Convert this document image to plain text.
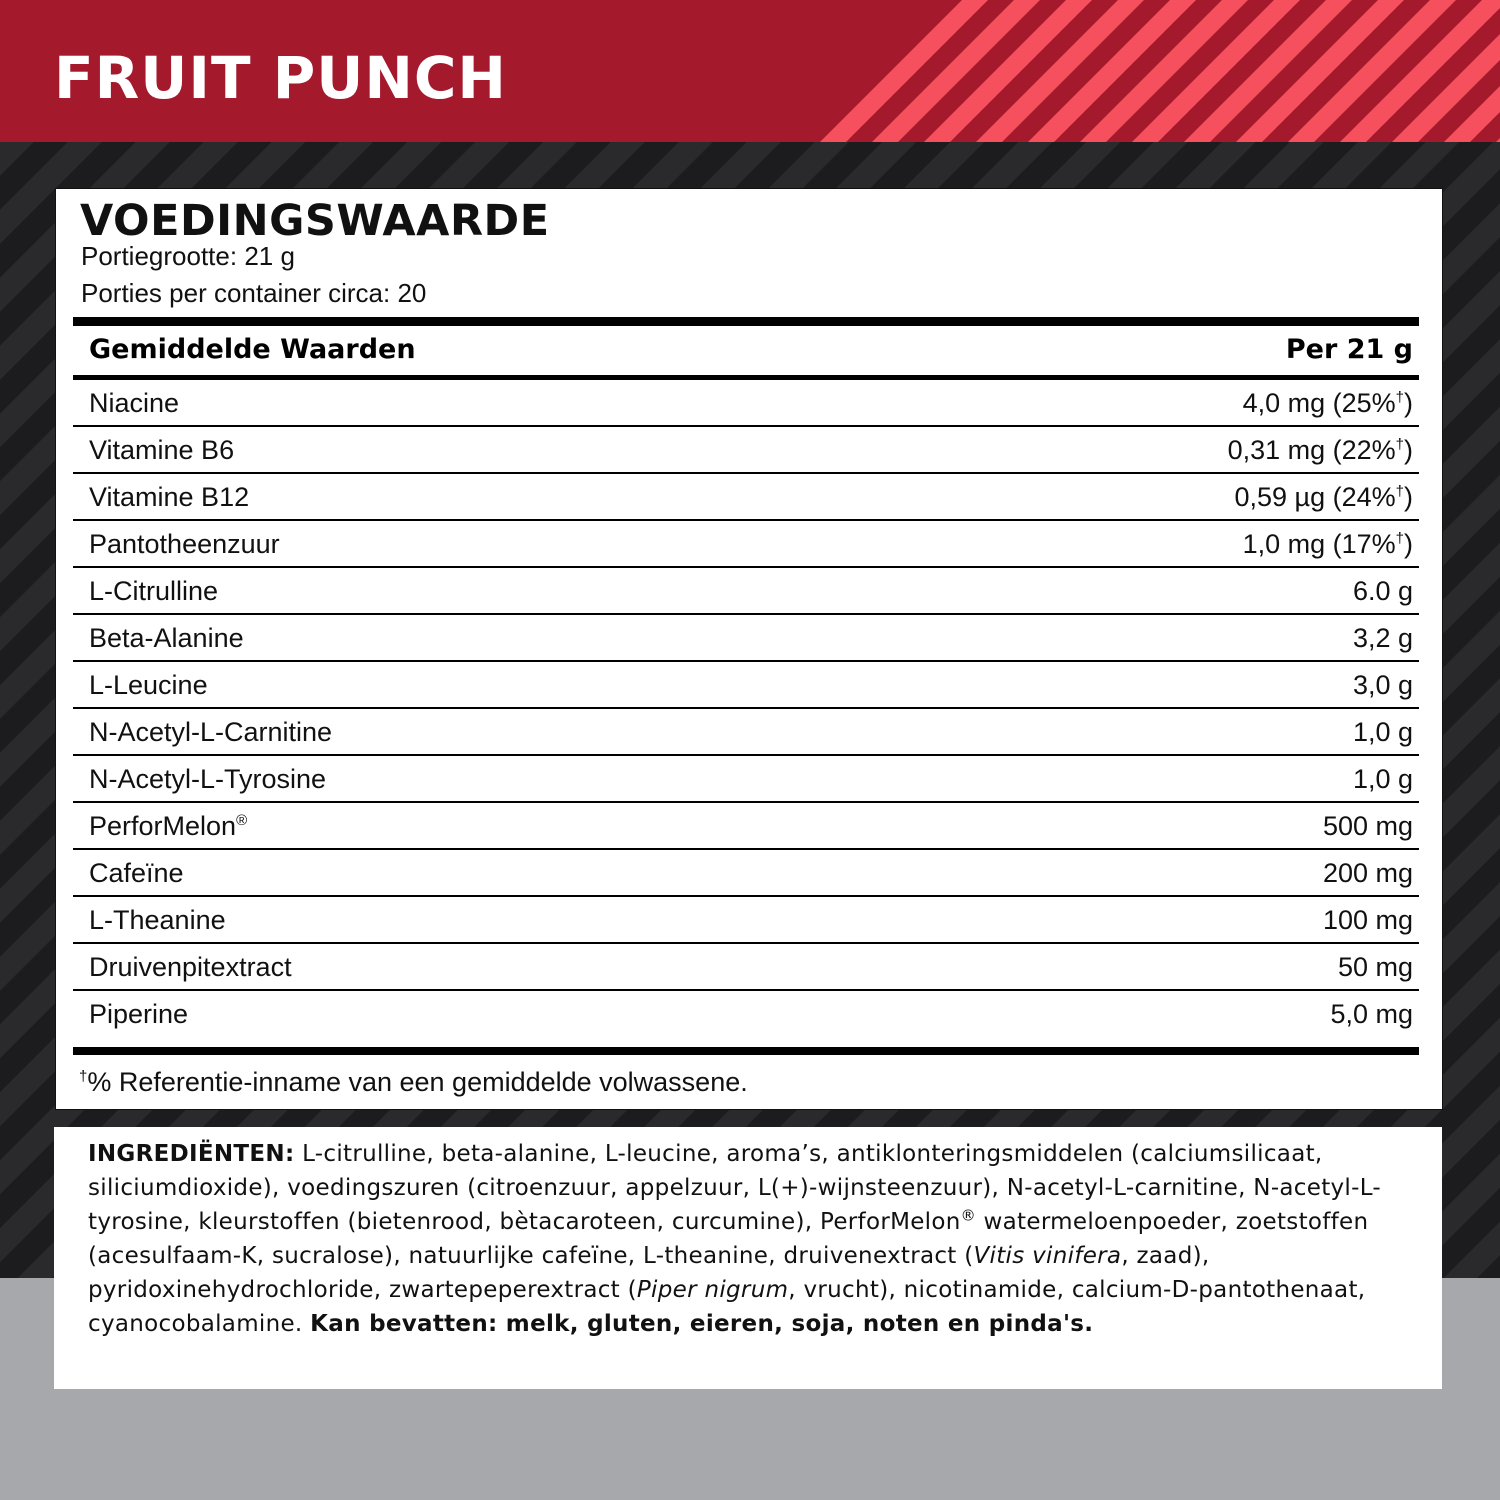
FRUIT PUNCH
VOEDINGSWAARDE
Portiegrootte: 21 g
Porties per container circa: 20
Gemiddelde Waarden	Per 21 g
Niacine	4,0 mg (25%†)
Vitamine B6	0,31 mg (22%†)
Vitamine B12	0,59 µg (24%†)
Pantotheenzuur	1,0 mg (17%†)
L-Citrulline	6.0 g
Beta-Alanine	3,2 g
L-Leucine	3,0 g
N-Acetyl-L-Carnitine	1,0 g
N-Acetyl-L-Tyrosine	1,0 g
PerforMelon®	500 mg
Cafeïne	200 mg
L-Theanine	100 mg
Druivenpitextract	50 mg
Piperine	5,0 mg
†% Referentie-inname van een gemiddelde volwassene.

INGREDIËNTEN: L-citrulline, beta-alanine, L-leucine, aroma’s, antiklonteringsmiddelen (calciumsilicaat, siliciumdioxide), voedingszuren (citroenzuur, appelzuur, L(+)-wijnsteenzuur), N-acetyl-L-carnitine, N-acetyl-L-tyrosine, kleurstoffen (bietenrood, bètacaroteen, curcumine), PerforMelon® watermeloenpoeder, zoetstoffen (acesulfaam-K, sucralose), natuurlijke cafeïne, L-theanine, druivenextract (Vitis vinifera, zaad), pyridoxinehydrochloride, zwartepeperextract (Piper nigrum, vrucht), nicotinamide, calcium-D-pantothenaat, cyanocobalamine. Kan bevatten: melk, gluten, eieren, soja, noten en pinda's.
